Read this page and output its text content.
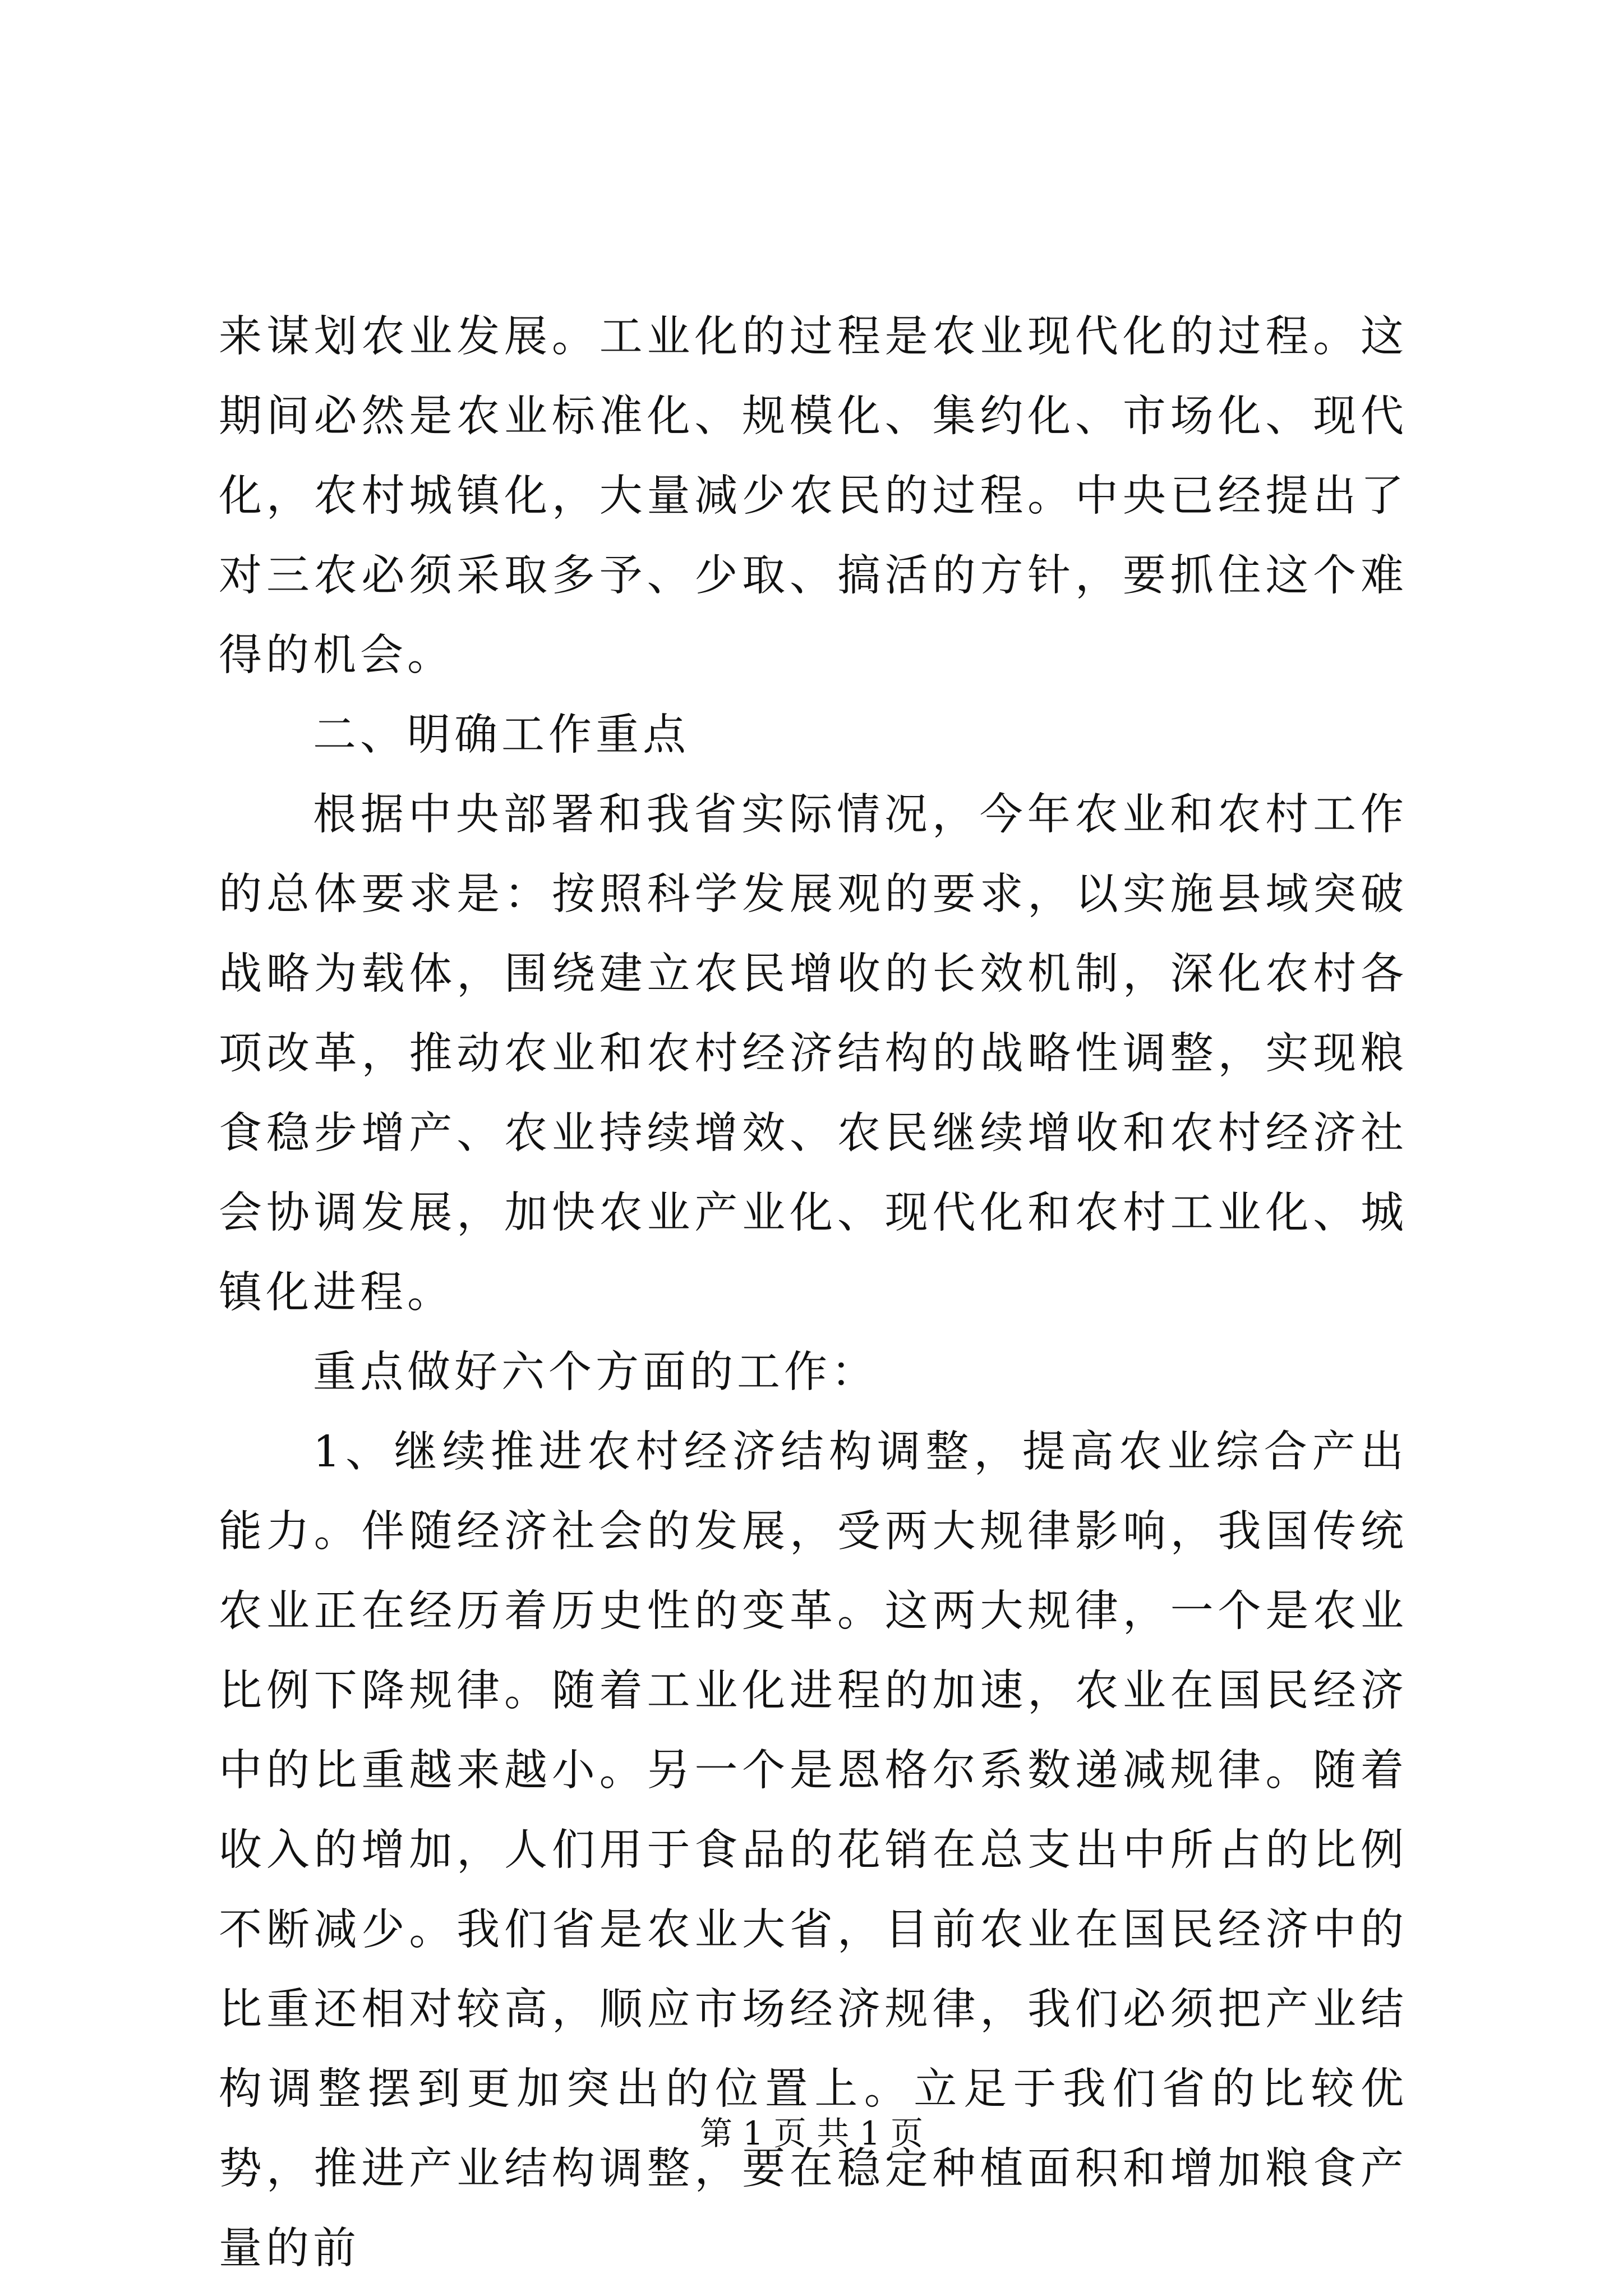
来谋划农业发展。工业化的过程是农业现代化的过程。这期间必然是农业标准化、规模化、集约化、市场化、现代化，农村城镇化，大量减少农民的过程。中央已经提出了对三农必须采取多予、少取、搞活的方针，要抓住这个难得的机会。

二、明确工作重点

根据中央部署和我省实际情况，今年农业和农村工作的总体要求是：按照科学发展观的要求，以实施县域突破战略为载体，围绕建立农民增收的长效机制，深化农村各项改革，推动农业和农村经济结构的战略性调整，实现粮食稳步增产、农业持续增效、农民继续增收和农村经济社会协调发展，加快农业产业化、现代化和农村工业化、城镇化进程。

重点做好六个方面的工作：

1、继续推进农村经济结构调整，提高农业综合产出能力。伴随经济社会的发展，受两大规律影响，我国传统农业正在经历着历史性的变革。这两大规律，一个是农业比例下降规律。随着工业化进程的加速，农业在国民经济中的比重越来越小。另一个是恩格尔系数递减规律。随着收入的增加，人们用于食品的花销在总支出中所占的比例不断减少。我们省是农业大省，目前农业在国民经济中的比重还相对较高，顺应市场经济规律，我们必须把产业结构调整摆到更加突出的位置上。立足于我们省的比较优势，推进产业结构调整，要在稳定种植面积和增加粮食产量的前

第 1 页 共 1 页
